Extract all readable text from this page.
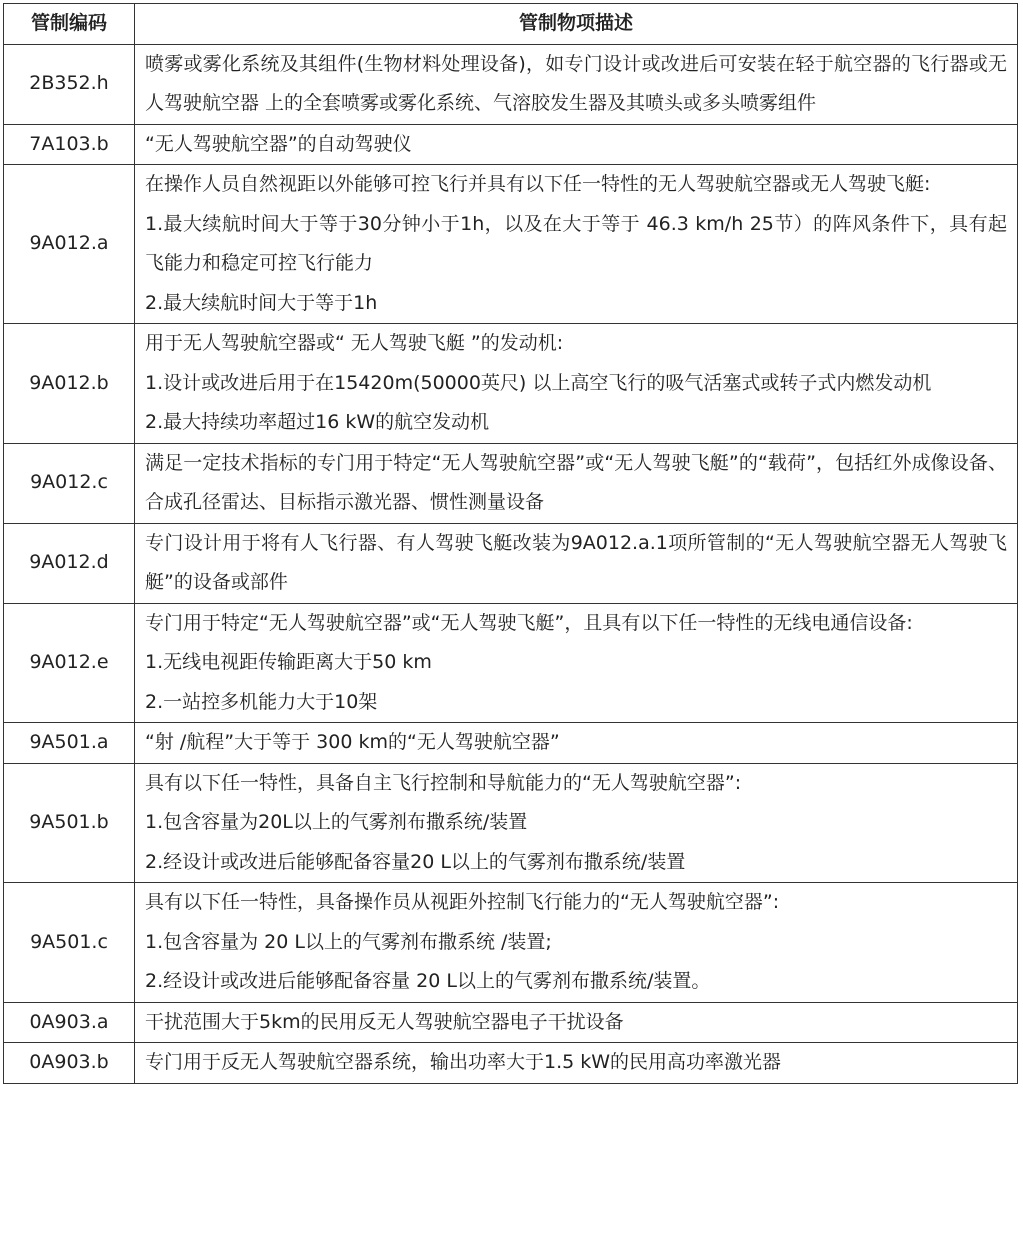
管制编码	管制物项描述
2B352.h	喷雾或雾化系统及其组件(生物材料处理设备)，如专门设计或改进后可安装在轻于航空器的飞行器或无人驾驶航空器 上的全套喷雾或雾化系统、气溶胶发生器及其喷头或多头喷雾组件

7A103.b	“无人驾驶航空器”的自动驾驶仪

9A012.a	在操作人员自然视距以外能够可控飞行并具有以下任一特性的无人驾驶航空器或无人驾驶飞艇:
1.最大续航时间大于等于30分钟小于1h，以及在大于等于 46.3 km/h 25节）的阵风条件下，具有起飞能力和稳定可控飞行能力
2.最大续航时间大于等于1h

9A012.b	用于无人驾驶航空器或“ 无人驾驶飞艇 ”的发动机:
1.设计或改进后用于在15420m(50000英尺) 以上高空飞行的吸气活塞式或转子式内燃发动机
2.最大持续功率超过16 kW的航空发动机

9A012.c	满足一定技术指标的专门用于特定“无人驾驶航空器”或“无人驾驶飞艇”的“载荷”，包括红外成像设备、合成孔径雷达、目标指示激光器、惯性测量设备

9A012.d	专门设计用于将有人飞行器、有人驾驶飞艇改装为9A012.a.1项所管制的“无人驾驶航空器无人驾驶飞艇”的设备或部件

9A012.e	专门用于特定“无人驾驶航空器”或“无人驾驶飞艇”，且具有以下任一特性的无线电通信设备:
1.无线电视距传输距离大于50 km
2.一站控多机能力大于10架

9A501.a	“射 /航程”大于等于 300 km的“无人驾驶航空器”

9A501.b	具有以下任一特性，具备自主飞行控制和导航能力的“无人驾驶航空器”:
1.包含容量为20L以上的气雾剂布撒系统/装置
2.经设计或改进后能够配备容量20 L以上的气雾剂布撒系统/装置

9A501.c	具有以下任一特性，具备操作员从视距外控制飞行能力的“无人驾驶航空器”:
1.包含容量为 20 L以上的气雾剂布撒系统 /装置;
2.经设计或改进后能够配备容量 20 L以上的气雾剂布撒系统/装置。

0A903.a	干扰范围大于5km的民用反无人驾驶航空器电子干扰设备

0A903.b	专门用于反无人驾驶航空器系统，输出功率大于1.5 kW的民用高功率激光器
